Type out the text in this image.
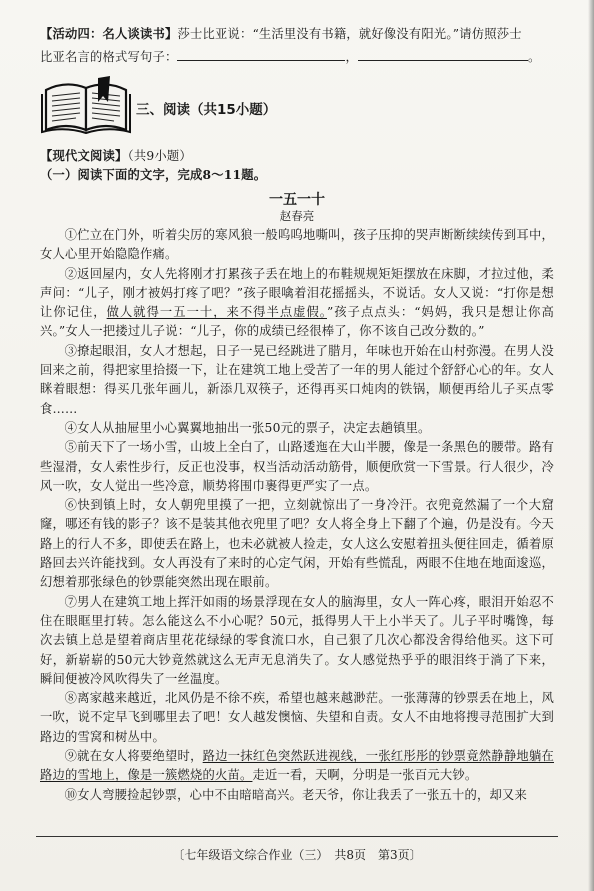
【活动四：名人谈读书】莎士比亚说：“生活里没有书籍，就好像没有阳光。”请仿照莎士
比亚名言的格式写句子：	，	。
三、阅读（共15小题）
【现代文阅读】（共9小题）
（一）阅读下面的文字，完成8～11题。
一五一十
赵春亮

①伫立在门外，听着尖厉的寒风狼一般呜呜地嘶叫，孩子压抑的哭声断断续续传到耳中，女人心里开始隐隐作痛。

②返回屋内，女人先将刚才打累孩子丢在地上的布鞋规规矩矩摆放在床脚，才拉过他，柔声问：“儿子，刚才被妈打疼了吧？”孩子眼噙着泪花摇摇头，不说话。女人又说：“打你是想让你记住，做人就得一五一十，来不得半点虚假。”孩子点点头：“妈妈，我只是想让你高兴。”女人一把搂过儿子说：“儿子，你的成绩已经很棒了，你不该自己改分数的。”

③撩起眼泪，女人才想起，日子一晃已经跳进了腊月，年味也开始在山村弥漫。在男人没回来之前，得把家里拾掇一下，让在建筑工地上受苦了一年的男人能过个舒舒心心的年。女人眯着眼想：得买几张年画儿，新添几双筷子，还得再买口炖肉的铁锅，顺便再给儿子买点零食……

④女人从抽屉里小心翼翼地抽出一张50元的票子，决定去趟镇里。

⑤前天下了一场小雪，山坡上全白了，山路逶迤在大山半腰，像是一条黑色的腰带。路有些湿滑，女人索性步行，反正也没事，权当活动活动筋骨，顺便欣赏一下雪景。行人很少，冷风一吹，女人觉出一些冷意，顺势将围巾裹得更严实了一点。

⑥快到镇上时，女人朝兜里摸了一把，立刻就惊出了一身冷汗。衣兜竟然漏了一个大窟窿，哪还有钱的影子？该不是装其他衣兜里了吧？女人将全身上下翻了个遍，仍是没有。今天路上的行人不多，即使丢在路上，也未必就被人捡走，女人这么安慰着扭头便往回走，循着原路回去兴许能找到。女人再没有了来时的心定气闲，开始有些慌乱，两眼不住地在地面逡巡，幻想着那张绿色的钞票能突然出现在眼前。

⑦男人在建筑工地上挥汗如雨的场景浮现在女人的脑海里，女人一阵心疼，眼泪开始忍不住在眼眶里打转。怎么能这么不小心呢？50元，抵得男人干上小半天了。儿子平时嘴馋，每次去镇上总是望着商店里花花绿绿的零食流口水，自己狠了几次心都没舍得给他买。这下可好，新崭崭的50元大钞竟然就这么无声无息消失了。女人感觉热乎乎的眼泪终于淌了下来，瞬间便被冷风吹得失了一丝温度。

⑧离家越来越近，北风仍是不徐不疾，希望也越来越渺茫。一张薄薄的钞票丢在地上，风一吹，说不定早飞到哪里去了吧！女人越发懊恼、失望和自责。女人不由地将搜寻范围扩大到路边的雪窝和树丛中。

⑨就在女人将要绝望时，路边一抹红色突然跃进视线，一张红彤彤的钞票竟然静静地躺在路边的雪地上，像是一簇燃烧的火苗。走近一看，天啊，分明是一张百元大钞。

⑩女人弯腰捡起钞票，心中不由暗暗高兴。老天爷，你让我丢了一张五十的，却又来

〔七年级语文综合作业（三）　共8页　第3页〕
